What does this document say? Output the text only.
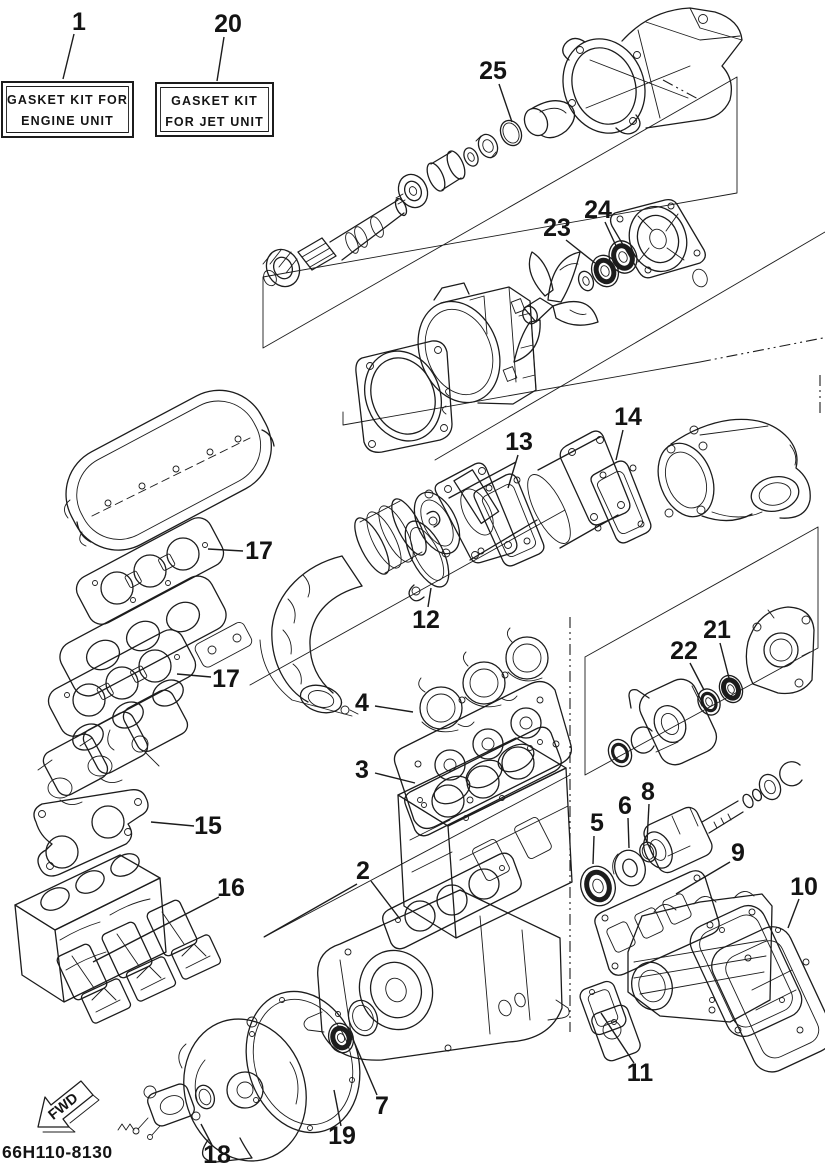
GASKET KIT FOR
ENGINE UNIT
GASKET KIT
FOR JET UNIT
FWD
66H110-8130
1	20
25
23
24
13
14
12
17
17
4
3
15
16
2
5
6 8
22
21
9
10
11
7
19
18
